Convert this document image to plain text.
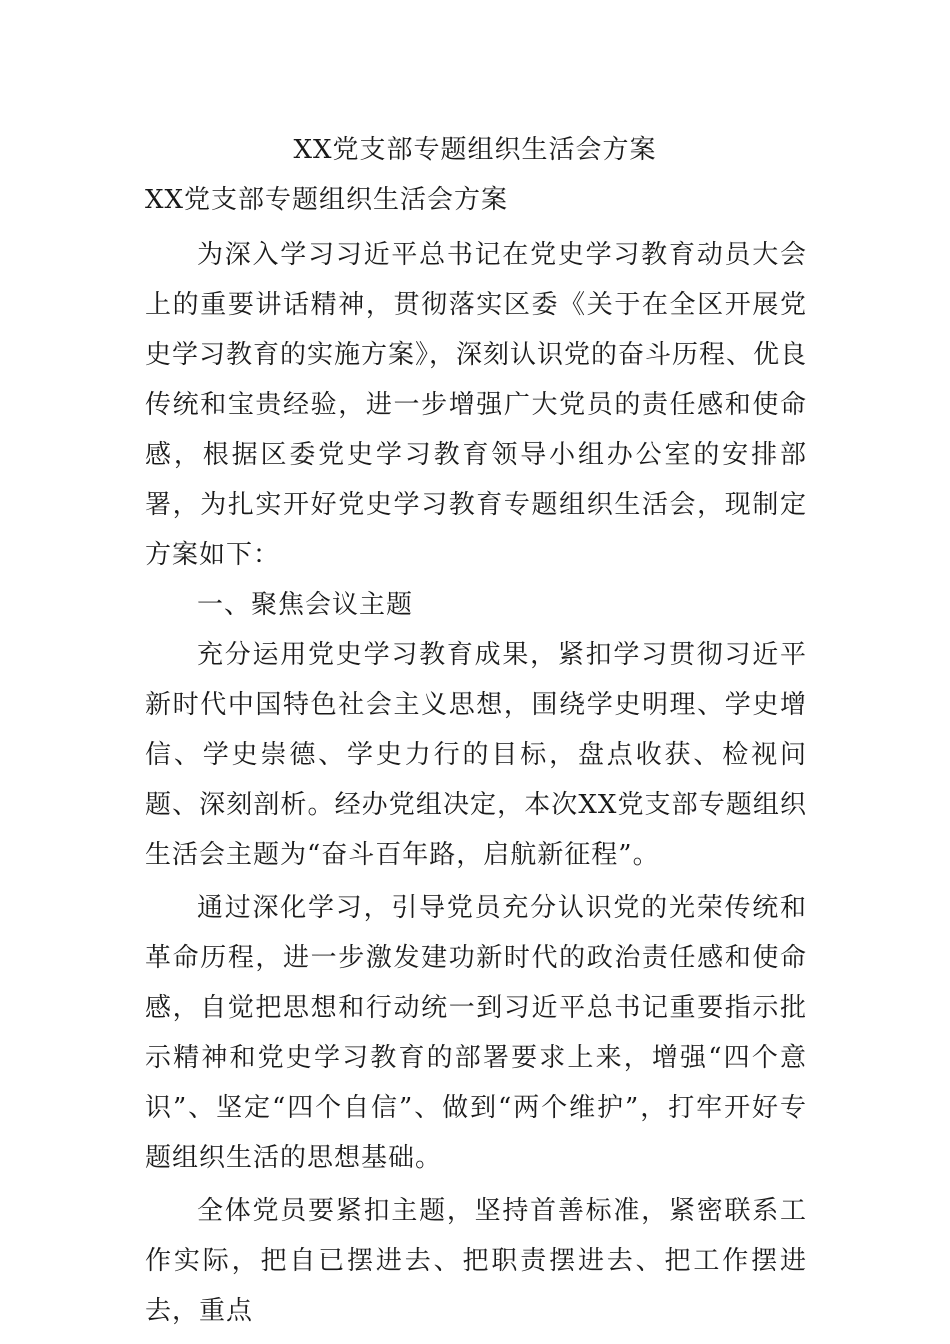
XX党支部专题组织生活会方案

XX党支部专题组织生活会方案

为深入学习习近平总书记在党史学习教育动员大会上的重要讲话精神，贯彻落实区委《关于在全区开展党史学习教育的实施方案》，深刻认识党的奋斗历程、优良传统和宝贵经验，进一步增强广大党员的责任感和使命感，根据区委党史学习教育领导小组办公室的安排部署，为扎实开好党史学习教育专题组织生活会，现制定方案如下：

一、聚焦会议主题

充分运用党史学习教育成果，紧扣学习贯彻习近平新时代中国特色社会主义思想，围绕学史明理、学史增信、学史崇德、学史力行的目标，盘点收获、检视问题、深刻剖析。经办党组决定，本次XX党支部专题组织生活会主题为“奋斗百年路，启航新征程”。

通过深化学习，引导党员充分认识党的光荣传统和革命历程，进一步激发建功新时代的政治责任感和使命感，自觉把思想和行动统一到习近平总书记重要指示批示精神和党史学习教育的部署要求上来，增强“四个意识”、坚定“四个自信”、做到“两个维护”，打牢开好专题组织生活的思想基础。

全体党员要紧扣主题，坚持首善标准，紧密联系工作实际，把自已摆进去、把职责摆进去、把工作摆进去，重点
